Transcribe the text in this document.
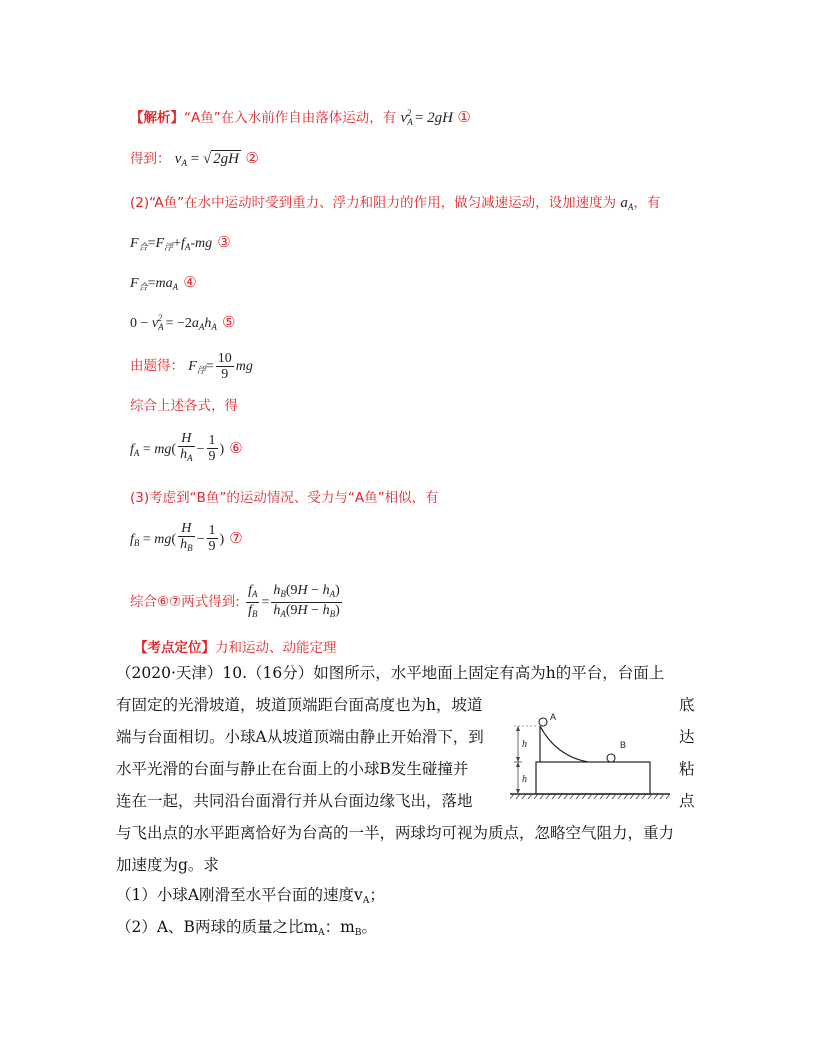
【解析】“A鱼”在入水前作自由落体运动，有 $v_A^2 = 2gH$ ①
得到： $v_A$ = √ 2gH ②
(2)“A鱼”在水中运动时受到重力、浮力和阻力的作用，做匀减速运动，设加速度为 $a_A$，有
$F_合=F_浮+f_A-mg$ ③
$F_合=ma_A$ ④
$0 - v_A^2 = -2a_Ah_A$ ⑤
由题得： $F_浮= \frac{10}{9}$ mg
综合上述各式，得
$f_A = mg( \frac{H}{h_A} - \frac{1}{9}$ ) ⑥
(3)考虑到“B鱼”的运动情况、受力与“A鱼”相似，有
$f_B = mg( \frac{H}{h_B} - \frac{1}{9}$ ) ⑦
综合⑥⑦两式得到: $\frac{f_A}{f_B} = \frac{h_B(9H - h_A)}{h_A(9H - h_B)}$
【考点定位】力和运动、动能定理
（2020·天津）10.（16分）如图所示，水平地面上固定有高为h的平台，台面上
有固定的光滑坡道，坡道顶端距台面高度也为h，坡道	底
端与台面相切。小球A从坡道顶端由静止开始滑下，到	达
水平光滑的台面与静止在台面上的小球B发生碰撞并	粘
连在一起，共同沿台面滑行并从台面边缘飞出，落地	点
与飞出点的水平距离恰好为台高的一半，两球均可视为质点，忽略空气阻力，重力
加速度为g。求
（1）小球A刚滑至水平台面的速度vA；
（2）A、B两球的质量之比mA：mB。
A
B
h
h
